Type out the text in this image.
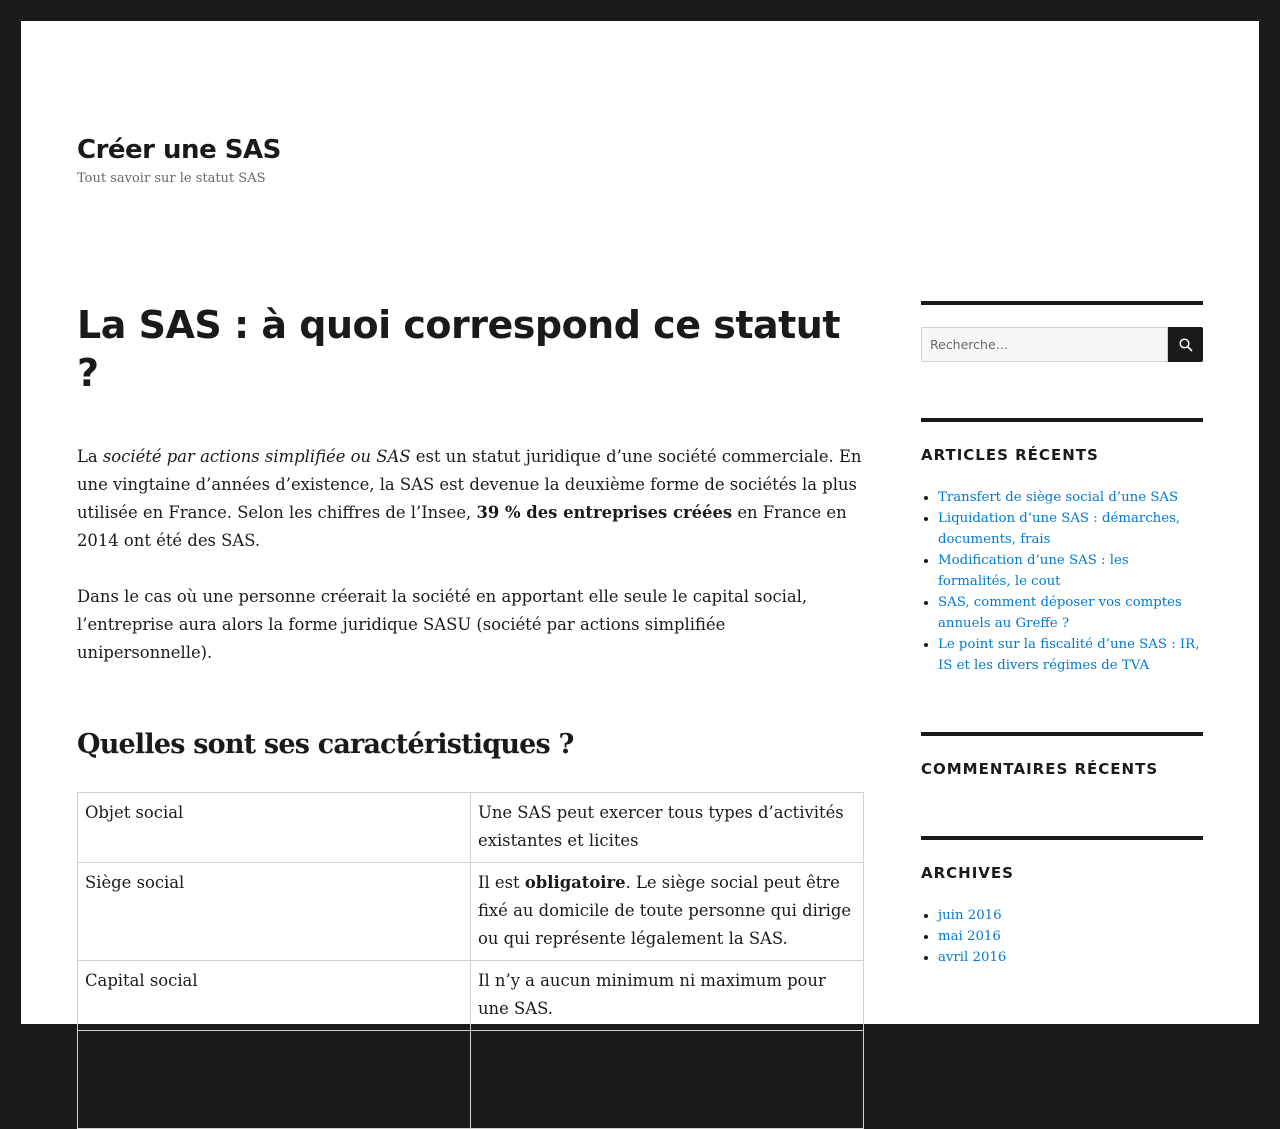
Créer une SAS
Tout savoir sur le statut SAS
La SAS : à quoi correspond ce statut ?

La société par actions simplifiée ou SAS est un statut juridique d’une société commerciale. En une vingtaine d’années d’existence, la SAS est devenue la deuxième forme de sociétés la plus utilisée en France. Selon les chiffres de l’Insee, 39 % des entreprises créées en France en 2014 ont été des SAS.

Dans le cas où une personne créerait la société en apportant elle seule le capital social, l’entreprise aura alors la forme juridique SASU (société par actions simplifiée unipersonnelle).

Quelles sont ses caractéristiques ?
Objet social	Une SAS peut exercer tous types d’activités existantes et licites
Siège social	Il est obligatoire. Le siège social peut être fixé au domicile de toute personne qui dirige ou qui représente légalement la SAS.
Capital social	Il n’y a aucun minimum ni maximum pour une SAS.
Apports	En nature, en industrie ou en numéraire, les apports sont versés par chacun des actionnaires. Attention, 50 % des apports en
Recherche…
ARTICLES RÉCENTS
• Transfert de siège social d’une SAS
• Liquidation d’une SAS : démarches, documents, frais
• Modification d’une SAS : les formalités, le cout
• SAS, comment déposer vos comptes annuels au Greffe ?
• Le point sur la fiscalité d’une SAS : IR, IS et les divers régimes de TVA
COMMENTAIRES RÉCENTS
ARCHIVES
• juin 2016
• mai 2016
• avril 2016
